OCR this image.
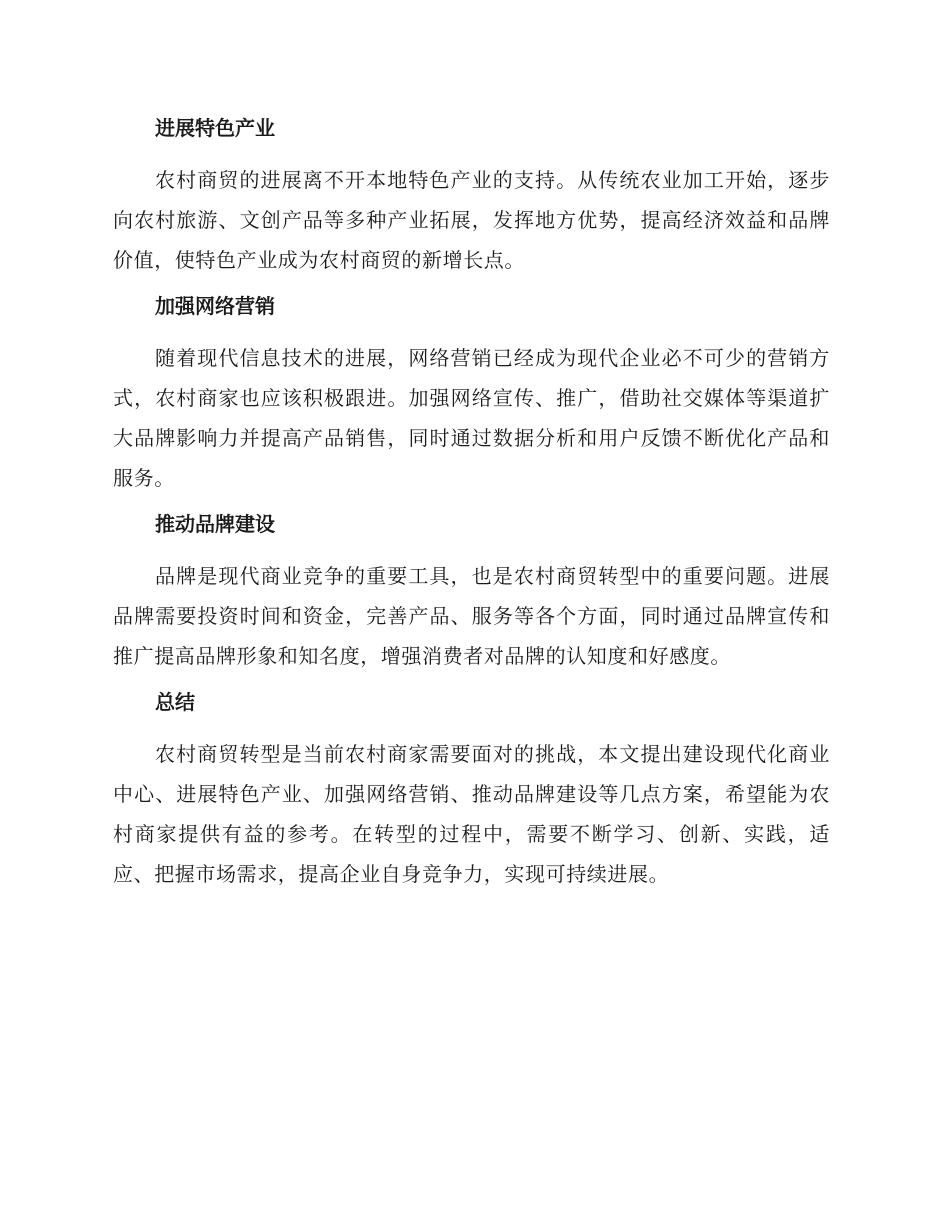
进展特色产业

农村商贸的进展离不开本地特色产业的支持。从传统农业加工开始，逐步向农村旅游、文创产品等多种产业拓展，发挥地方优势，提高经济效益和品牌价值，使特色产业成为农村商贸的新增长点。

加强网络营销

随着现代信息技术的进展，网络营销已经成为现代企业必不可少的营销方式，农村商家也应该积极跟进。加强网络宣传、推广，借助社交媒体等渠道扩大品牌影响力并提高产品销售，同时通过数据分析和用户反馈不断优化产品和服务。

推动品牌建设

品牌是现代商业竞争的重要工具，也是农村商贸转型中的重要问题。进展品牌需要投资时间和资金，完善产品、服务等各个方面，同时通过品牌宣传和推广提高品牌形象和知名度，增强消费者对品牌的认知度和好感度。

总结

农村商贸转型是当前农村商家需要面对的挑战，本文提出建设现代化商业中心、进展特色产业、加强网络营销、推动品牌建设等几点方案，希望能为农村商家提供有益的参考。在转型的过程中，需要不断学习、创新、实践，适应、把握市场需求，提高企业自身竞争力，实现可持续进展。
